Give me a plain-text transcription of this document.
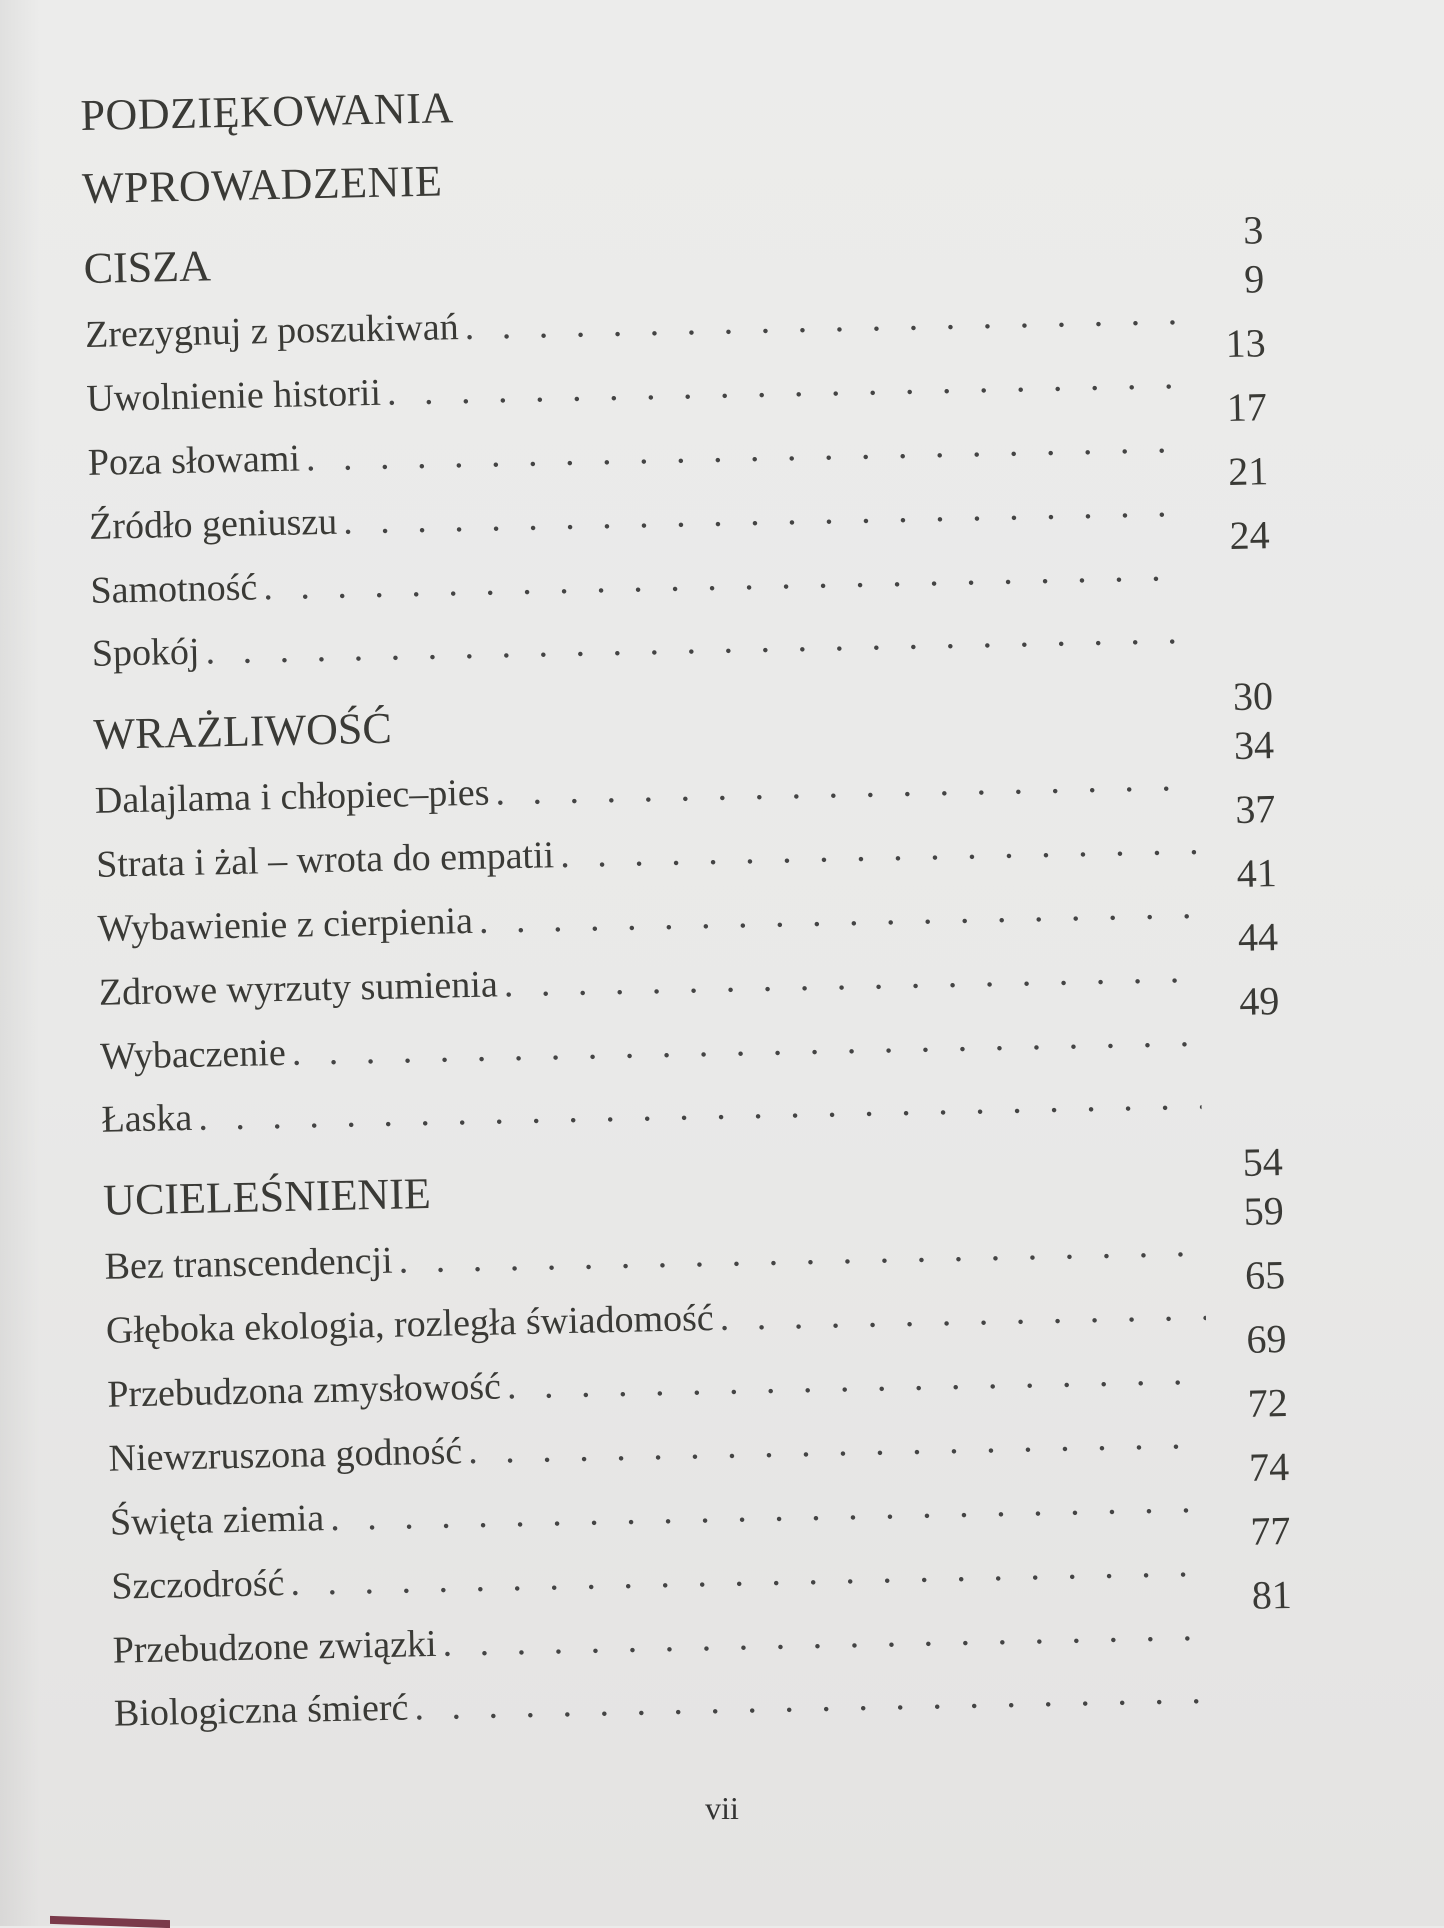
PODZIĘKOWANIA
WPROWADZENIE
CISZA
3
Zrezygnuj z poszukiwań
. . .
9
Uwolnienie historii
. . .
13
Poza słowami
. . .
17
Źródło geniuszu
. . .
21
Samotność
. . .
24
Spokój
. . .
WRAŻLIWOŚĆ
30
Dalajlama i chłopiec–pies
. . .
34
Strata i żal – wrota do empatii
. . .
37
Wybawienie z cierpienia
. . .
41
Zdrowe wyrzuty sumienia
. . .
44
Wybaczenie
. . .
49
Łaska
. . .
UCIELEŚNIENIE
54
Bez transcendencji
. . .
59
Głęboka ekologia, rozległa świadomość
. . .
65
Przebudzona zmysłowość
. . .
69
Niewzruszona godność
. . .
72
Święta ziemia
. . .
74
Szczodrość
. . .
77
Przebudzone związki
. . .
81
Biologiczna śmierć
. . .
vii
